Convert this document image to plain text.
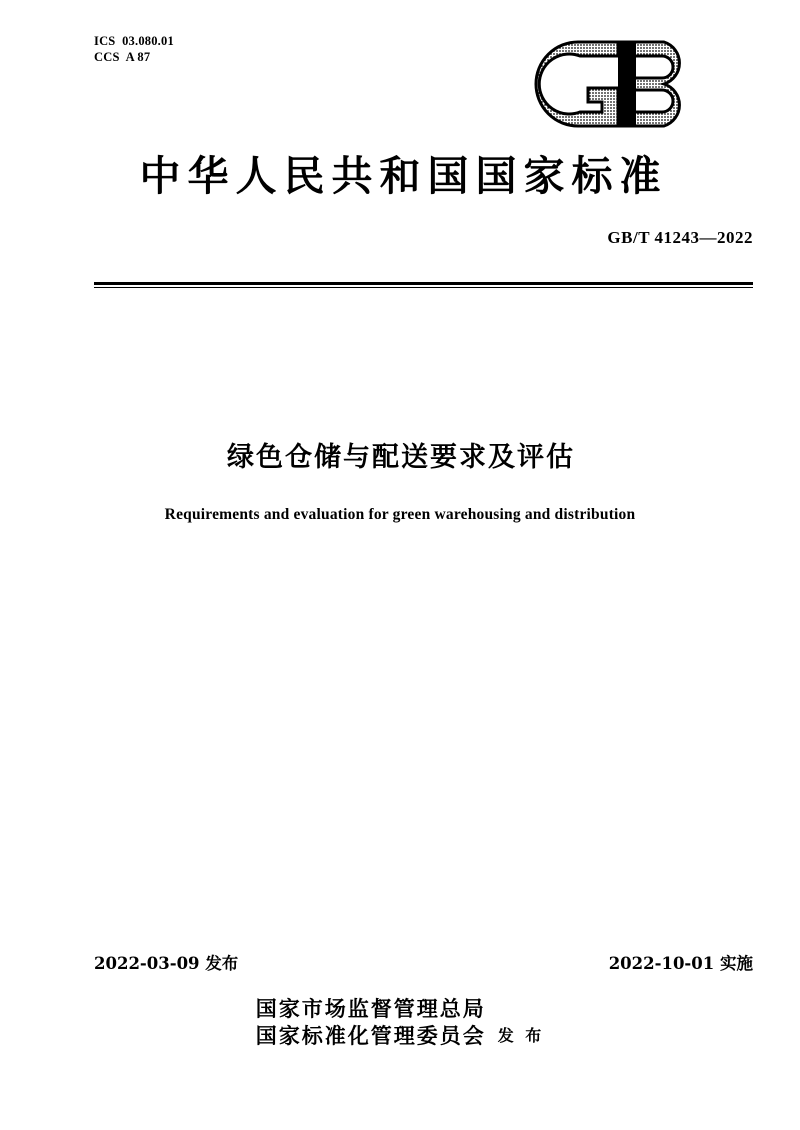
ICS  03.080.01
CCS  A 87
中华人民共和国国家标准
GB/T 41243—2022
绿色仓储与配送要求及评估
Requirements and evaluation for green warehousing and distribution
2022-03-09 发布	2022-10-01 实施
国家市场监督管理总局
国家标准化管理委员会 发 布
